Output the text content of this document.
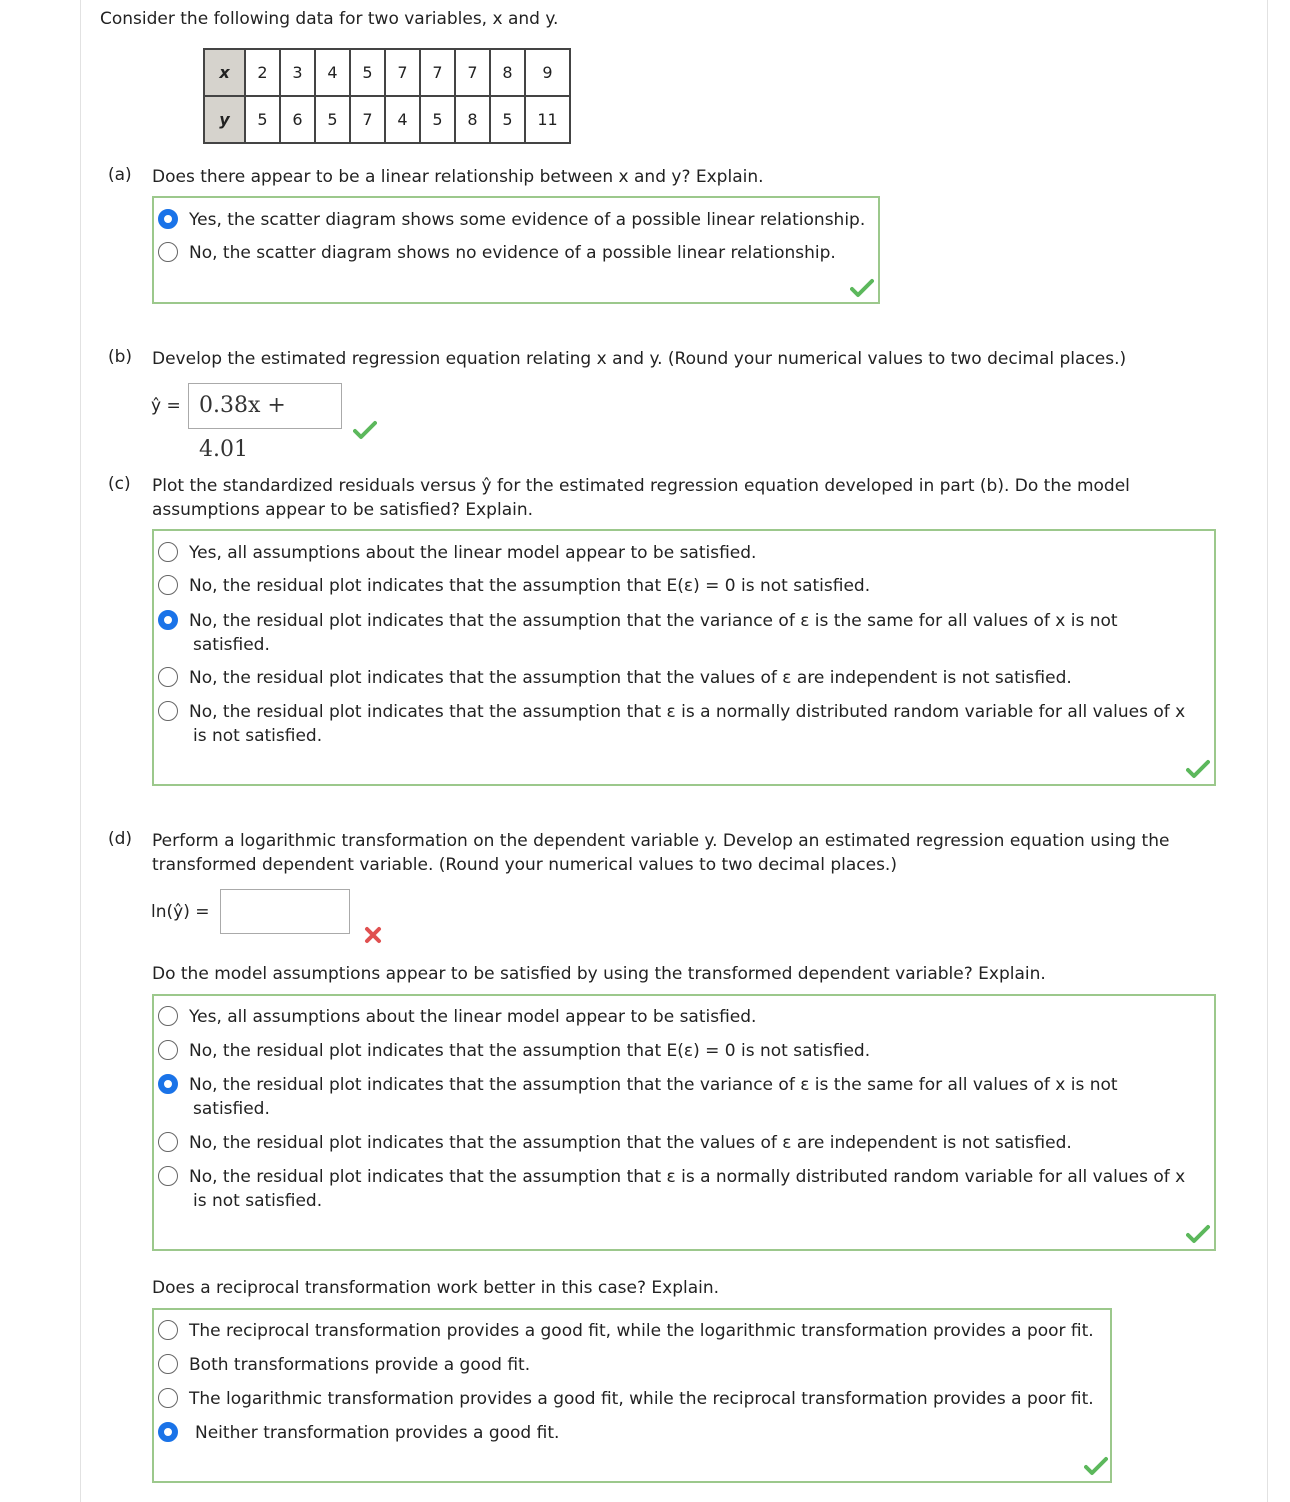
Consider the following data for two variables, x and y.
x	2	3	4	5	7	7	7	8	9
y	5	6	5	7	4	5	8	5	11
(a) Does there appear to be a linear relationship between x and y? Explain.
Yes, the scatter diagram shows some evidence of a possible linear relationship.
No, the scatter diagram shows no evidence of a possible linear relationship.
(b) Develop the estimated regression equation relating x and y. (Round your numerical values to two decimal places.)
ŷ = 0.38x + 4.01
(c) Plot the standardized residuals versus ŷ for the estimated regression equation developed in part (b). Do the model
assumptions appear to be satisfied? Explain.
Yes, all assumptions about the linear model appear to be satisfied.
No, the residual plot indicates that the assumption that E(ε) = 0 is not satisfied.
No, the residual plot indicates that the assumption that the variance of ε is the same for all values of x is not
satisfied.
No, the residual plot indicates that the assumption that the values of ε are independent is not satisfied.
No, the residual plot indicates that the assumption that ε is a normally distributed random variable for all values of x
is not satisfied.
(d) Perform a logarithmic transformation on the dependent variable y. Develop an estimated regression equation using the
transformed dependent variable. (Round your numerical values to two decimal places.)
ln(ŷ) =
Do the model assumptions appear to be satisfied by using the transformed dependent variable? Explain.
Yes, all assumptions about the linear model appear to be satisfied.
No, the residual plot indicates that the assumption that E(ε) = 0 is not satisfied.
No, the residual plot indicates that the assumption that the variance of ε is the same for all values of x is not
satisfied.
No, the residual plot indicates that the assumption that the values of ε are independent is not satisfied.
No, the residual plot indicates that the assumption that ε is a normally distributed random variable for all values of x
is not satisfied.
Does a reciprocal transformation work better in this case? Explain.
The reciprocal transformation provides a good fit, while the logarithmic transformation provides a poor fit.
Both transformations provide a good fit.
The logarithmic transformation provides a good fit, while the reciprocal transformation provides a poor fit.
Neither transformation provides a good fit.
